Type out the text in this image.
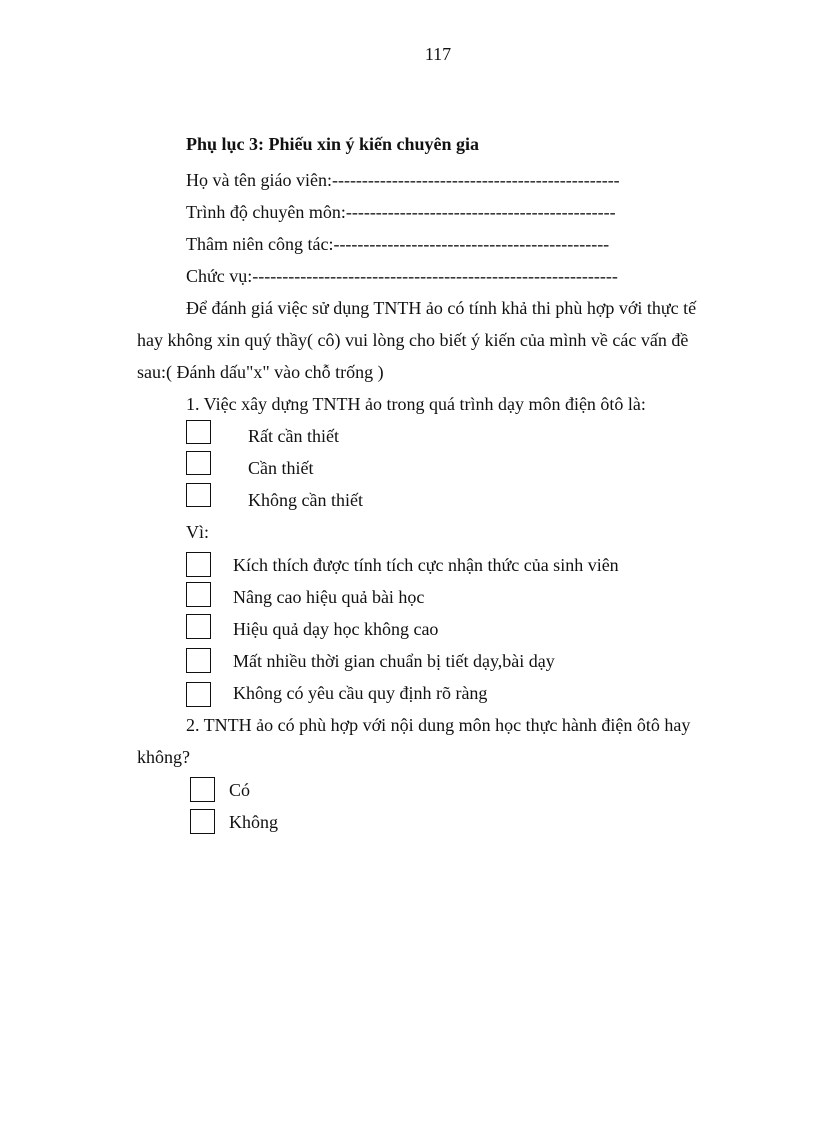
117
Phụ lục 3: Phiếu xin ý kiến chuyên gia
Họ và tên giáo viên:------------------------------------------------
Trình độ chuyên môn:---------------------------------------------
Thâm niên công tác:----------------------------------------------
Chức vụ:-------------------------------------------------------------
Để đánh giá việc sử dụng TNTH ảo có tính khả thi phù hợp với thực tế
hay không xin quý thầy( cô) vui lòng cho biết ý kiến của mình về các vấn đề
sau:( Đánh dấu"x" vào chỗ trống )
1. Việc xây dựng TNTH ảo trong quá trình dạy môn điện ôtô là:
Rất cần thiết
Cần thiết
Không cần thiết
Vì:
Kích thích được tính tích cực nhận thức của sinh viên
Nâng cao hiệu quả bài học
Hiệu quả dạy học không cao
Mất nhiều thời gian chuẩn bị tiết dạy,bài dạy
Không có yêu cầu quy định rõ ràng
2. TNTH ảo có phù hợp với nội dung môn học thực hành điện ôtô hay
không?
Có
Không
